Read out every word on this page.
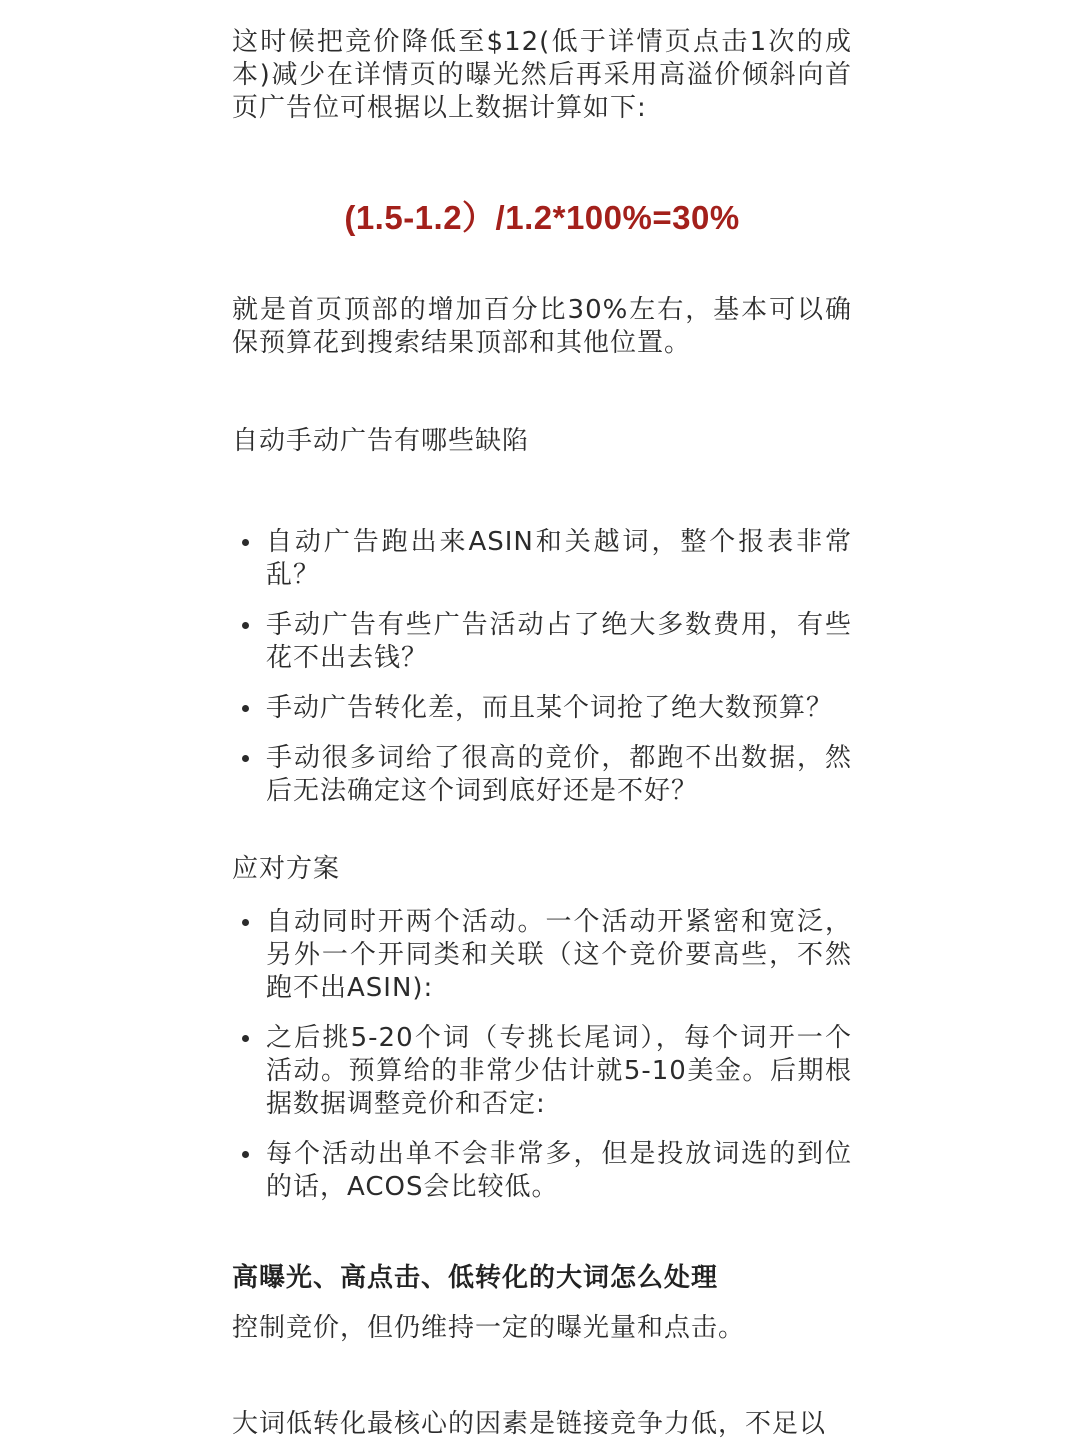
这时候把竞价降低至$12(低于详情页点击1次的成本)减少在详情页的曝光然后再采用高溢价倾斜向首页广告位可根据以上数据计算如下:

(1.5-1.2）/1.2*100%=30%

就是首页顶部的增加百分比30%左右，基本可以确保预算花到搜索结果顶部和其他位置。

自动手动广告有哪些缺陷
自动广告跑出来ASIN和关越词，整个报表非常乱？
手动广告有些广告活动占了绝大多数费用，有些花不出去钱？
手动广告转化差，而且某个词抢了绝大数预算？
手动很多词给了很高的竞价，都跑不出数据，然后无法确定这个词到底好还是不好？
应对方案
自动同时开两个活动。一个活动开紧密和宽泛，另外一个开同类和关联（这个竞价要高些，不然跑不出ASIN):
之后挑5-20个词（专挑长尾词），每个词开一个活动。预算给的非常少估计就5-10美金。后期根据数据调整竞价和否定:
每个活动出单不会非常多，但是投放词选的到位的话，ACOS会比较低。
高曝光、高点击、低转化的大词怎么处理
控制竞价，但仍维持一定的曝光量和点击。
大词低转化最核心的因素是链接竞争力低，不足以
